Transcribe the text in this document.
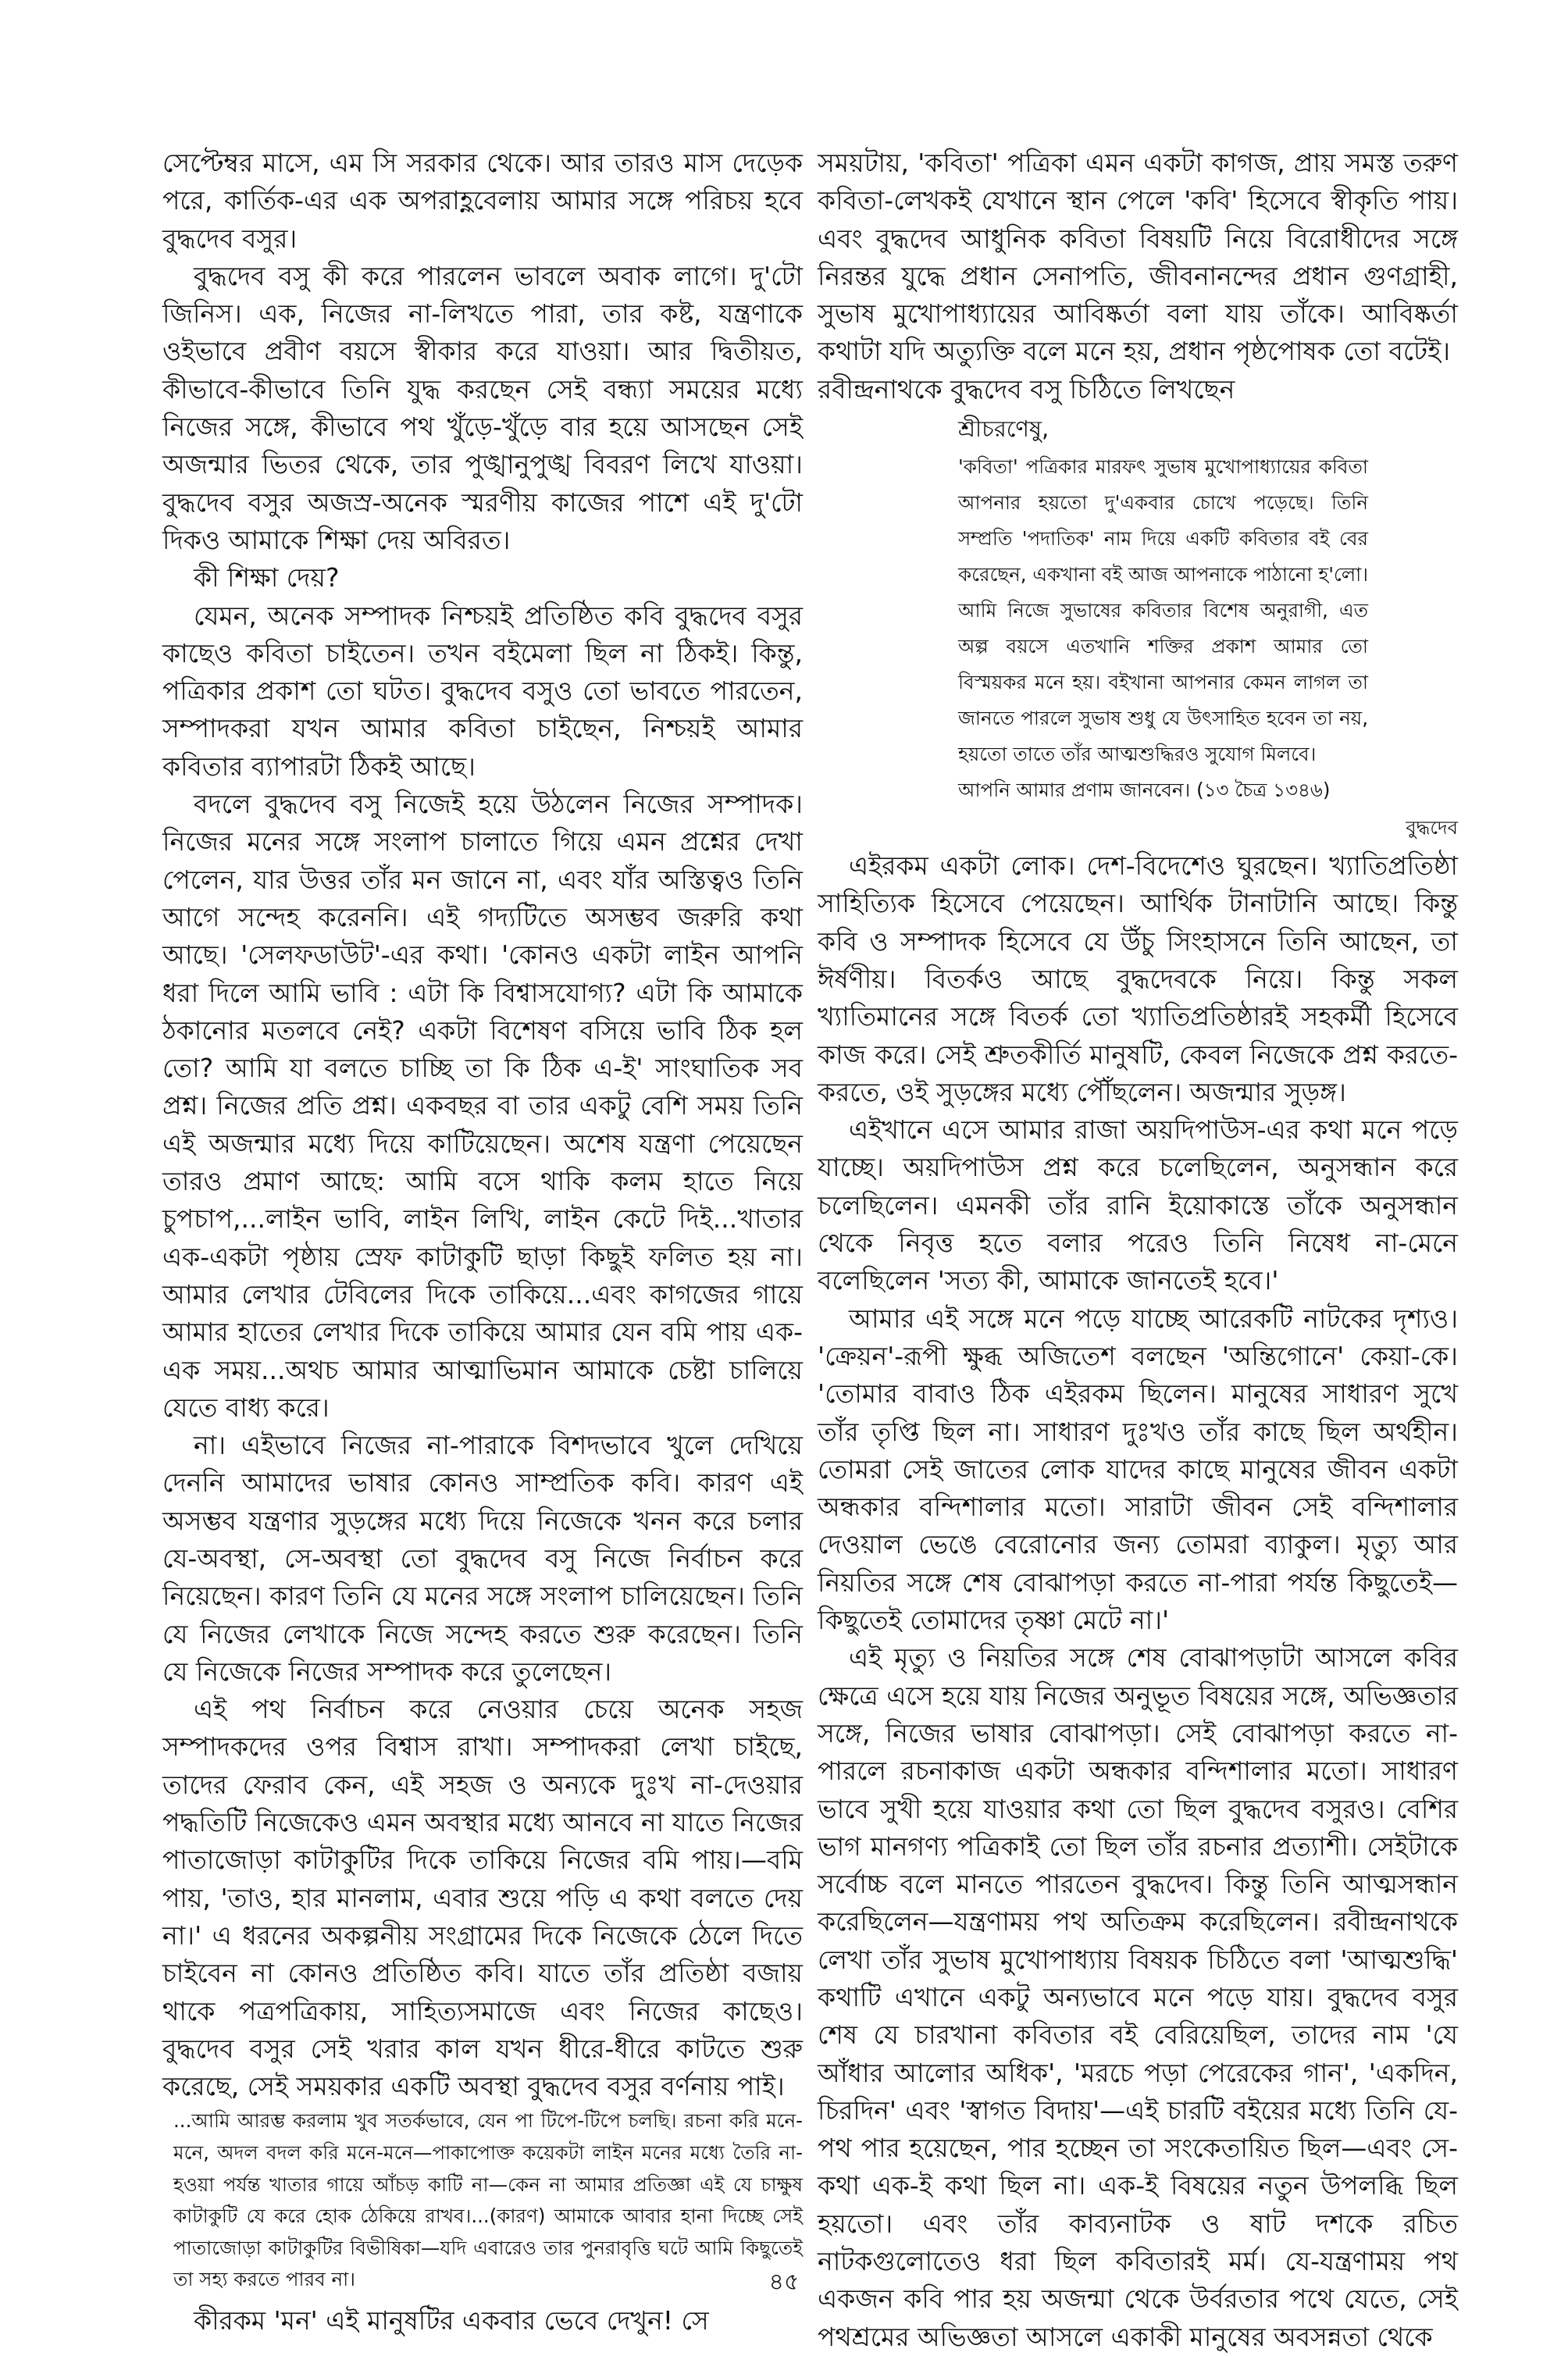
সেপ্টেম্বর মাসে, এম সি সরকার থেকে। আর তারও মাস দেড়েক পরে, কার্তিক-এর এক অপরাহ্ণবেলায় আমার সঙ্গে পরিচয় হবে বুদ্ধদেব বসুর।

বুদ্ধদেব বসু কী করে পারলেন ভাবলে অবাক লাগে। দু'টো জিনিস। এক, নিজের না-লিখতে পারা, তার কষ্ট, যন্ত্রণাকে ওইভাবে প্রবীণ বয়সে স্বীকার করে যাওয়া। আর দ্বিতীয়ত, কীভাবে-কীভাবে তিনি যুদ্ধ করছেন সেই বন্ধ্যা সময়ের মধ্যে নিজের সঙ্গে, কীভাবে পথ খুঁড়ে-খুঁড়ে বার হয়ে আসছেন সেই অজন্মার ভিতর থেকে, তার পুঙ্খানুপুঙ্খ বিবরণ লিখে যাওয়া। বুদ্ধদেব বসুর অজস্র-অনেক স্মরণীয় কাজের পাশে এই দু'টো দিকও আমাকে শিক্ষা দেয় অবিরত।

কী শিক্ষা দেয়?

যেমন, অনেক সম্পাদক নিশ্চয়ই প্রতিষ্ঠিত কবি বুদ্ধদেব বসুর কাছেও কবিতা চাইতেন। তখন বইমেলা ছিল না ঠিকই। কিন্তু, পত্রিকার প্রকাশ তো ঘটত। বুদ্ধদেব বসুও তো ভাবতে পারতেন, সম্পাদকরা যখন আমার কবিতা চাইছেন, নিশ্চয়ই আমার কবিতার ব্যাপারটা ঠিকই আছে।

বদলে বুদ্ধদেব বসু নিজেই হয়ে উঠলেন নিজের সম্পাদক। নিজের মনের সঙ্গে সংলাপ চালাতে গিয়ে এমন প্রশ্নের দেখা পেলেন, যার উত্তর তাঁর মন জানে না, এবং যাঁর অস্তিত্বও তিনি আগে সন্দেহ করেননি। এই গদ্যটিতে অসম্ভব জরুরি কথা আছে। 'সেলফডাউট'-এর কথা। 'কোনও একটা লাইন আপনি ধরা দিলে আমি ভাবি : এটা কি বিশ্বাসযোগ্য? এটা কি আমাকে ঠকানোর মতলবে নেই? একটা বিশেষণ বসিয়ে ভাবি ঠিক হল তো? আমি যা বলতে চাচ্ছি তা কি ঠিক এ-ই' সাংঘাতিক সব প্রশ্ন। নিজের প্রতি প্রশ্ন। একবছর বা তার একটু বেশি সময় তিনি এই অজন্মার মধ্যে দিয়ে কাটিয়েছেন। অশেষ যন্ত্রণা পেয়েছেন তারও প্রমাণ আছে: আমি বসে থাকি কলম হাতে নিয়ে চুপচাপ,...লাইন ভাবি, লাইন লিখি, লাইন কেটে দিই...খাতার এক-একটা পৃষ্ঠায় স্রেফ কাটাকুটি ছাড়া কিছুই ফলিত হয় না। আমার লেখার টেবিলের দিকে তাকিয়ে...এবং কাগজের গায়ে আমার হাতের লেখার দিকে তাকিয়ে আমার যেন বমি পায় এক-এক সময়...অথচ আমার আত্মাভিমান আমাকে চেষ্টা চালিয়ে যেতে বাধ্য করে।

না। এইভাবে নিজের না-পারাকে বিশদভাবে খুলে দেখিয়ে দেননি আমাদের ভাষার কোনও সাম্প্রতিক কবি। কারণ এই অসম্ভব যন্ত্রণার সুড়ঙ্গের মধ্যে দিয়ে নিজেকে খনন করে চলার যে-অবস্থা, সে-অবস্থা তো বুদ্ধদেব বসু নিজে নির্বাচন করে নিয়েছেন। কারণ তিনি যে মনের সঙ্গে সংলাপ চালিয়েছেন। তিনি যে নিজের লেখাকে নিজে সন্দেহ করতে শুরু করেছেন। তিনি যে নিজেকে নিজের সম্পাদক করে তুলেছেন।

এই পথ নির্বাচন করে নেওয়ার চেয়ে অনেক সহজ সম্পাদকদের ওপর বিশ্বাস রাখা। সম্পাদকরা লেখা চাইছে, তাদের ফেরাব কেন, এই সহজ ও অন্যকে দুঃখ না-দেওয়ার পদ্ধতিটি নিজেকেও এমন অবস্থার মধ্যে আনবে না যাতে নিজের পাতাজোড়া কাটাকুটির দিকে তাকিয়ে নিজের বমি পায়।—বমি পায়, 'তাও, হার মানলাম, এবার শুয়ে পড়ি এ কথা বলতে দেয় না।' এ ধরনের অকল্পনীয় সংগ্রামের দিকে নিজেকে ঠেলে দিতে চাইবেন না কোনও প্রতিষ্ঠিত কবি। যাতে তাঁর প্রতিষ্ঠা বজায় থাকে পত্রপত্রিকায়, সাহিত্যসমাজে এবং নিজের কাছেও। বুদ্ধদেব বসুর সেই খরার কাল যখন ধীরে-ধীরে কাটতে শুরু করেছে, সেই সময়কার একটি অবস্থা বুদ্ধদেব বসুর বর্ণনায় পাই।

...আমি আরম্ভ করলাম খুব সতর্কভাবে, যেন পা টিপে-টিপে চলছি। রচনা করি মনে-মনে, অদল বদল করি মনে-মনে—পাকাপোক্ত কয়েকটা লাইন মনের মধ্যে তৈরি না-হওয়া পর্যন্ত খাতার গায়ে আঁচড় কাটি না—কেন না আমার প্রতিজ্ঞা এই যে চাক্ষুষ কাটাকুটি যে করে হোক ঠেকিয়ে রাখব।...(কারণ) আমাকে আবার হানা দিচ্ছে সেই পাতাজোড়া কাটাকুটির বিভীষিকা—যদি এবারেও তার পুনরাবৃত্তি ঘটে আমি কিছুতেই তা সহ্য করতে পারব না।

কীরকম 'মন' এই মানুষটির একবার ভেবে দেখুন! সে

সময়টায়, 'কবিতা' পত্রিকা এমন একটা কাগজ, প্রায় সমস্ত তরুণ কবিতা-লেখকই যেখানে স্থান পেলে 'কবি' হিসেবে স্বীকৃতি পায়। এবং বুদ্ধদেব আধুনিক কবিতা বিষয়টি নিয়ে বিরোধীদের সঙ্গে নিরন্তর যুদ্ধে প্রধান সেনাপতি, জীবনানন্দের প্রধান গুণগ্রাহী, সুভাষ মুখোপাধ্যায়ের আবিষ্কর্তা বলা যায় তাঁকে। আবিষ্কর্তা কথাটা যদি অত্যুক্তি বলে মনে হয়, প্রধান পৃষ্ঠপোষক তো বটেই।

রবীন্দ্রনাথকে বুদ্ধদেব বসু চিঠিতে লিখছেন

শ্রীচরণেষু,

'কবিতা' পত্রিকার মারফৎ সুভাষ মুখোপাধ্যায়ের কবিতা আপনার হয়তো দু'একবার চোখে পড়েছে। তিনি সম্প্রতি 'পদাতিক' নাম দিয়ে একটি কবিতার বই বের করেছেন, একখানা বই আজ আপনাকে পাঠানো হ'লো। আমি নিজে সুভাষের কবিতার বিশেষ অনুরাগী, এত অল্প বয়সে এতখানি শক্তির প্রকাশ আমার তো বিস্ময়কর মনে হয়। বইখানা আপনার কেমন লাগল তা জানতে পারলে সুভাষ শুধু যে উৎসাহিত হবেন তা নয়, হয়তো তাতে তাঁর আত্মশুদ্ধিরও সুযোগ মিলবে।

আপনি আমার প্রণাম জানবেন। (১৩ চৈত্র ১৩৪৬)

বুদ্ধদেব

এইরকম একটা লোক। দেশ-বিদেশেও ঘুরছেন। খ্যাতিপ্রতিষ্ঠা সাহিত্যিক হিসেবে পেয়েছেন। আর্থিক টানাটানি আছে। কিন্তু কবি ও সম্পাদক হিসেবে যে উঁচু সিংহাসনে তিনি আছেন, তা ঈর্ষণীয়। বিতর্কও আছে বুদ্ধদেবকে নিয়ে। কিন্তু সকল খ্যাতিমানের সঙ্গে বিতর্ক তো খ্যাতিপ্রতিষ্ঠারই সহকর্মী হিসেবে কাজ করে। সেই শ্রুতকীর্তি মানুষটি, কেবল নিজেকে প্রশ্ন করতে-করতে, ওই সুড়ঙ্গের মধ্যে পৌঁছলেন। অজন্মার সুড়ঙ্গ।

এইখানে এসে আমার রাজা অয়দিপাউস-এর কথা মনে পড়ে যাচ্ছে। অয়দিপাউস প্রশ্ন করে চলেছিলেন, অনুসন্ধান করে চলেছিলেন। এমনকী তাঁর রানি ইয়োকাস্তে তাঁকে অনুসন্ধান থেকে নিবৃত্ত হতে বলার পরেও তিনি নিষেধ না-মেনে বলেছিলেন 'সত্য কী, আমাকে জানতেই হবে।'

আমার এই সঙ্গে মনে পড়ে যাচ্ছে আরেকটি নাটকের দৃশ্যও। 'ক্রেয়ন'-রূপী ক্ষুব্ধ অজিতেশ বলছেন 'অন্তিগোনে' কেয়া-কে। 'তোমার বাবাও ঠিক এইরকম ছিলেন। মানুষের সাধারণ সুখে তাঁর তৃপ্তি ছিল না। সাধারণ দুঃখও তাঁর কাছে ছিল অর্থহীন। তোমরা সেই জাতের লোক যাদের কাছে মানুষের জীবন একটা অন্ধকার বন্দিশালার মতো। সারাটা জীবন সেই বন্দিশালার দেওয়াল ভেঙে বেরোনোর জন্য তোমরা ব্যাকুল। মৃত্যু আর নিয়তির সঙ্গে শেষ বোঝাপড়া করতে না-পারা পর্যন্ত কিছুতেই—কিছুতেই তোমাদের তৃষ্ণা মেটে না।'

এই মৃত্যু ও নিয়তির সঙ্গে শেষ বোঝাপড়াটা আসলে কবির ক্ষেত্রে এসে হয়ে যায় নিজের অনুভূত বিষয়ের সঙ্গে, অভিজ্ঞতার সঙ্গে, নিজের ভাষার বোঝাপড়া। সেই বোঝাপড়া করতে না-পারলে রচনাকাজ একটা অন্ধকার বন্দিশালার মতো। সাধারণ ভাবে সুখী হয়ে যাওয়ার কথা তো ছিল বুদ্ধদেব বসুরও। বেশির ভাগ মানগণ্য পত্রিকাই তো ছিল তাঁর রচনার প্রত্যাশী। সেইটাকে সর্বোচ্চ বলে মানতে পারতেন বুদ্ধদেব। কিন্তু তিনি আত্মসন্ধান করেছিলেন—যন্ত্রণাময় পথ অতিক্রম করেছিলেন। রবীন্দ্রনাথকে লেখা তাঁর সুভাষ মুখোপাধ্যায় বিষয়ক চিঠিতে বলা 'আত্মশুদ্ধি' কথাটি এখানে একটু অন্যভাবে মনে পড়ে যায়। বুদ্ধদেব বসুর শেষ যে চারখানা কবিতার বই বেরিয়েছিল, তাদের নাম 'যে আঁধার আলোর অধিক', 'মরচে পড়া পেরেকের গান', 'একদিন, চিরদিন' এবং 'স্বাগত বিদায়'—এই চারটি বইয়ের মধ্যে তিনি যে-পথ পার হয়েছেন, পার হচ্ছেন তা সংকেতায়িত ছিল—এবং সে-কথা এক-ই কথা ছিল না। এক-ই বিষয়ের নতুন উপলব্ধি ছিল হয়তো। এবং তাঁর কাব্যনাটক ও ষাট দশকে রচিত নাটকগুলোতেও ধরা ছিল কবিতারই মর্ম। যে-যন্ত্রণাময় পথ একজন কবি পার হয় অজন্মা থেকে উর্বরতার পথে যেতে, সেই পথশ্রমের অভিজ্ঞতা আসলে একাকী মানুষের অবসন্নতা থেকে

৪৫
